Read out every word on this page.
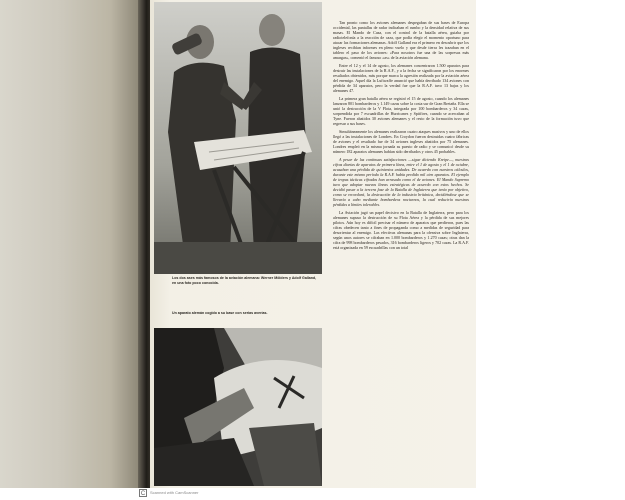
Los dos ases más famosos de la aviación alemana: Werner Mölders y Adolf Galland, en una foto poco conocida.
Un aparato alemán cogido a su base con serias averías.

Tan pronto como los aviones alemanes despegaban de sus bases de Europa occidental, las pantallas de radar indicaban el rumbo y la densidad relativa de sus masas. El Mando de Caza, con el control de la batalla aérea, guiaba por radiotelefonía a la reacción de caza, que podía elegir el momento oportuno para atacar las formaciones alemanas. Adolf Galland era el primero en descubrir que los ingleses recibían informes en pleno vuelo y que desde tierra les trazaban en el tablero el paso de los aviones: «Para nosotros fue una de las sorpresas más amargas», comentó el famoso «as» de la aviación alemana.

Entre el 12 y el 14 de agosto, los alemanes concentraron 1.500 aparatos para destruir las instalaciones de la R.A.F., y a la fecha se significaron por los enormes resultados obtenidos, más porque marca la agresión realizada por la aviación aérea del enemigo. Aquel día la Luftwaffe anunció que había derribado 134 aviones con pérdida de 34 aparatos, pero la verdad fue que la R.A.F. tuvo 13 bajas y los alemanes 47.

La primera gran batalla aérea se registró el 15 de agosto, cuando los alemanes lanzaron 801 bombarderos y 1.149 cazas sobre la costa sur de Gran Bretaña. Ella se unió la destrucción de la V Flota, integrada por 100 bombarderos y 34 cazas, sorprendida por 7 escuadrillas de Hurricanes y Spitfires, cuando se acercaban al Tyne. Fueron abatidos 30 aviones alemanes y el resto de la formación tuvo que regresar a sus bases.

Simultáneamente los alemanes realizaron cuatro ataques masivos y uno de ellos llegó a las instalaciones de Londres. En Croydon fueron destruidas cuatro fábricas de aviones y el resultado fue de 34 aviones ingleses abatidos por 75 alemanes. Londres empleó en la misma jornada su puesto de radio y se comunicó desde su número 182 aparatos alemanes habían sido derribados y otros 45 probables.

A pesar de las continuas satisfacciones —sigue diciendo Kreipe—, nuestras cifras diarias de aparatos de primera línea, entre el 1 de agosto y el 1 de octubre, acusaban una pérdida de quinientos unidades. De acuerdo con nuestros cálculos, durante este mismo período la R.A.F. había perdido mil cien aparatos. El ejemplo de tropas tácticas cifradas han arrasado como el de aviones. El Mando Supremo tuvo que adoptar nuevas líneas estratégicas de acuerdo con estos hechos. Se decidió pasar a la tercera fase de la Batalla de Inglaterra que tenía por objetivo, como se recordará, la destrucción de la industria británica, decidiéndose que se llevaría a cabo mediante bombardeos nocturnos, la cual reduciría nuestras pérdidas a límites tolerables.

La Aviación jugó un papel decisivo en la Batalla de Inglaterra, pero para los alemanes supuso la destrucción de su Flota Aérea y la pérdida de sus mejores pilotos. Aún hoy es difícil precisar el número de aparatos que perdieron, pues las cifras obedecen tanto a fines de propaganda como a medidas de seguridad para desorientar al enemigo. Las efectivas alemanas para la ofensiva sobre Inglaterra, según unos autores se cifraban en 1.000 bombarderos y 1.270 cazas; otras dan la cifra de 998 bombarderos pesados, 316 bombarderos ligeros y 702 cazas. La R.A.F. está organizada en 59 escuadrillas con un total

C	Scanned with CamScanner
